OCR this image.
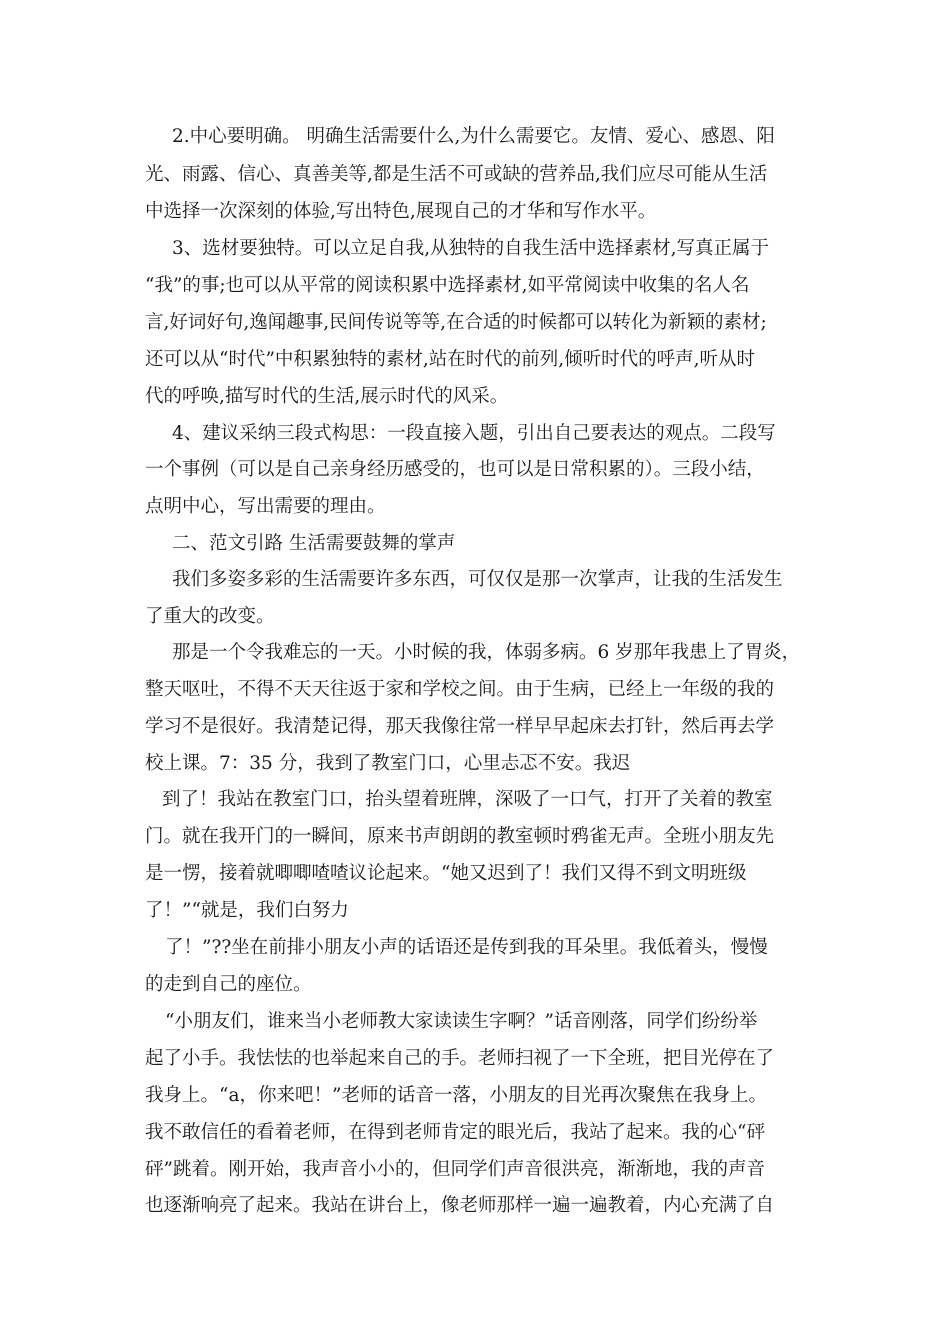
2.中心要明确。 明确生活需要什么,为什么需要它。友情、爱心、感恩、阳

光、雨露、信心、真善美等,都是生活不可或缺的营养品,我们应尽可能从生活

中选择一次深刻的体验,写出特色,展现自己的才华和写作水平。

3、选材要独特。可以立足自我,从独特的自我生活中选择素材,写真正属于

“我”的事;也可以从平常的阅读积累中选择素材,如平常阅读中收集的名人名

言,好词好句,逸闻趣事,民间传说等等,在合适的时候都可以转化为新颖的素材;

还可以从“时代”中积累独特的素材,站在时代的前列,倾听时代的呼声,听从时

代的呼唤,描写时代的生活,展示时代的风采。

4、建议采纳三段式构思：一段直接入题，引出自己要表达的观点。二段写

一个事例（可以是自己亲身经历感受的，也可以是日常积累的）。三段小结，

点明中心，写出需要的理由。

二、范文引路 生活需要鼓舞的掌声

我们多姿多彩的生活需要许多东西，可仅仅是那一次掌声，让我的生活发生

了重大的改变。

那是一个令我难忘的一天。小时候的我，体弱多病。6 岁那年我患上了胃炎，

整天呕吐，不得不天天往返于家和学校之间。由于生病，已经上一年级的我的

学习不是很好。我清楚记得，那天我像往常一样早早起床去打针，然后再去学

校上课。7：35 分，我到了教室门口，心里忐忑不安。我迟

到了！我站在教室门口，抬头望着班牌，深吸了一口气，打开了关着的教室

门。就在我开门的一瞬间，原来书声朗朗的教室顿时鸦雀无声。全班小朋友先

是一愣，接着就唧唧喳喳议论起来。“她又迟到了！我们又得不到文明班级

了！”“就是，我们白努力

了！”??坐在前排小朋友小声的话语还是传到我的耳朵里。我低着头，慢慢

的走到自己的座位。

“小朋友们，谁来当小老师教大家读读生字啊？”话音刚落，同学们纷纷举

起了小手。我怯怯的也举起来自己的手。老师扫视了一下全班，把目光停在了

我身上。“a，你来吧！”老师的话音一落，小朋友的目光再次聚焦在我身上。

我不敢信任的看着老师，在得到老师肯定的眼光后，我站了起来。我的心“砰

砰”跳着。刚开始，我声音小小的，但同学们声音很洪亮，渐渐地，我的声音

也逐渐响亮了起来。我站在讲台上，像老师那样一遍一遍教着，内心充满了自
